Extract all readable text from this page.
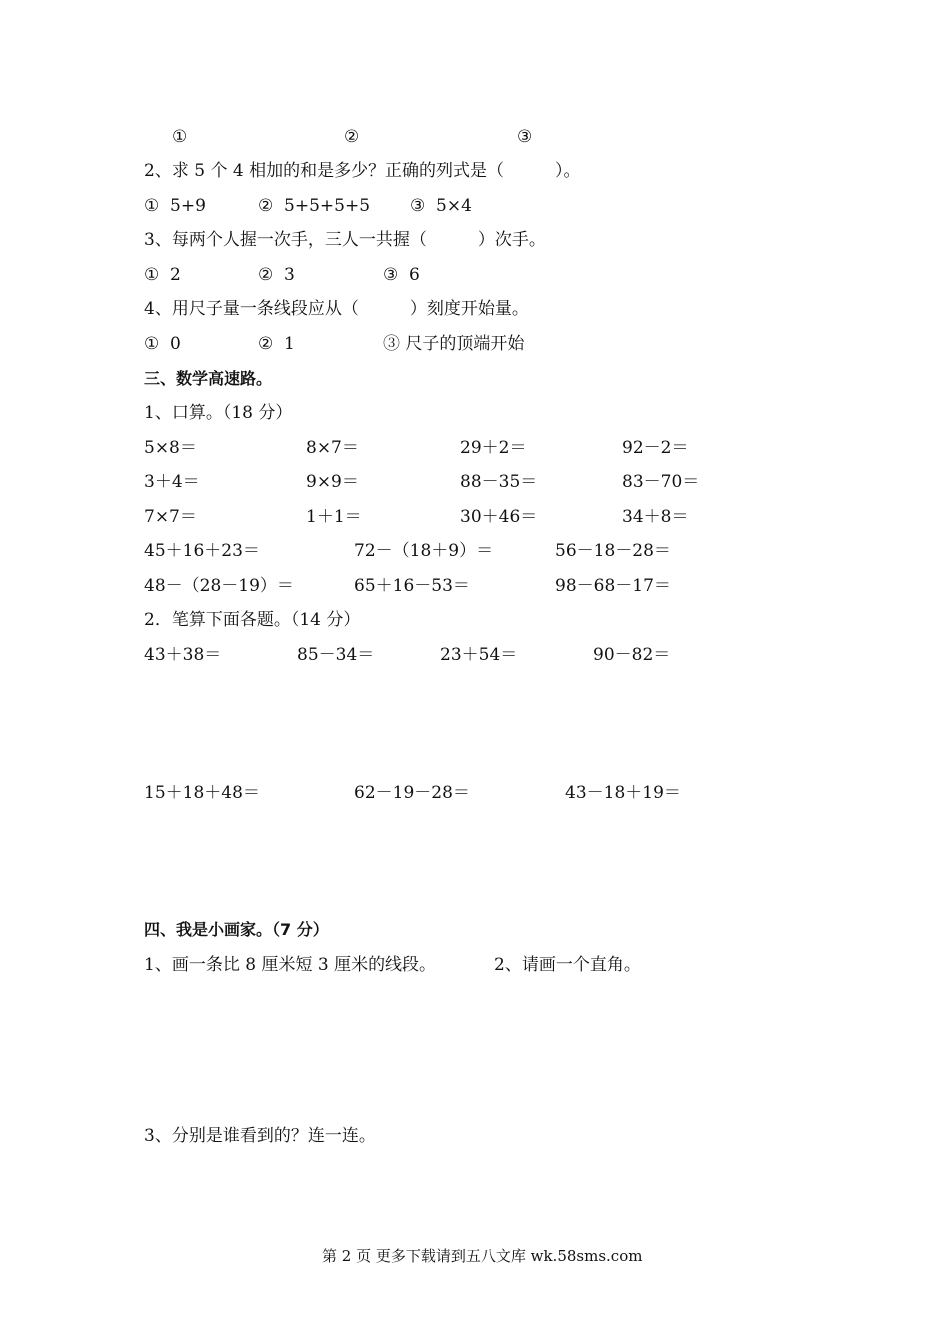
①	②	③
2、求 5 个 4 相加的和是多少？正确的列式是（　　　）。
①  5+9	②  5+5+5+5 ③  5×4
3、每两个人握一次手，三人一共握（　　　）次手。
①  2	②  3	③  6
4、用尺子量一条线段应从（　　　）刻度开始量。
①  0	②  1	③ 尺子的顶端开始
三、数学高速路。
1、口算。（18 分）
5×8＝	8×7＝	29＋2＝	92－2＝
3＋4＝	9×9＝	88－35＝	83－70＝
7×7＝	1＋1＝	30＋46＝	34＋8＝
45＋16＋23＝	72－（18＋9）＝	56－18－28＝
48－（28－19）＝	65＋16－53＝	98－68－17＝
2．笔算下面各题。（14 分）
43＋38＝	85－34＝	23＋54＝	90－82＝
15＋18＋48＝	62－19－28＝	43－18＋19＝
四、我是小画家。（7 分）
1、画一条比 8 厘米短 3 厘米的线段。	2、请画一个直角。
3、分别是谁看到的？连一连。
第 2 页 更多下载请到五八文库 wk.58sms.com
